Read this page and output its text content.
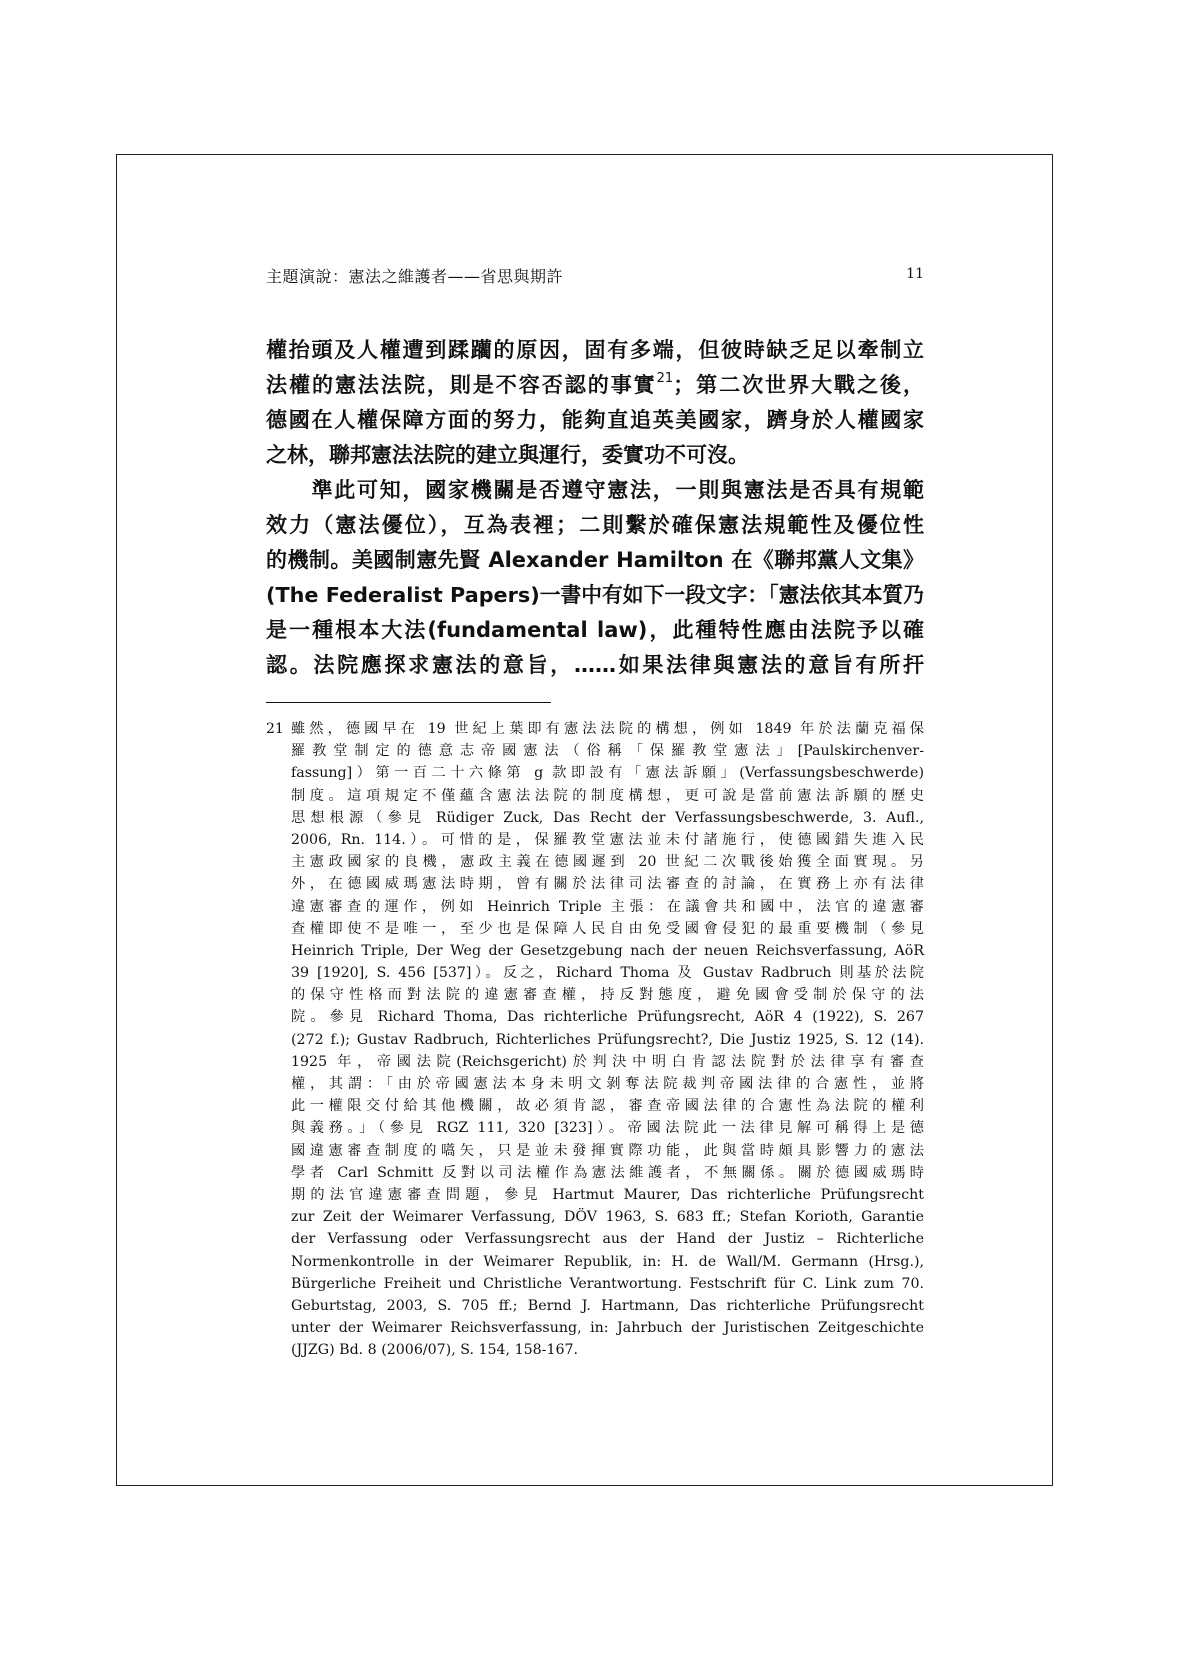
主題演說：憲法之維護者——省思與期許	11
權抬頭及人權遭到蹂躪的原因，固有多端，但彼時缺乏足以牽制立
法權的憲法法院，則是不容否認的事實$^{21}$；第二次世界大戰之後，
德國在人權保障方面的努力，能夠直追英美國家，躋身於人權國家
之林，聯邦憲法法院的建立與運行，委實功不可沒。
　　準此可知，國家機關是否遵守憲法，一則與憲法是否具有規範
效力（憲法優位），互為表裡；二則繫於確保憲法規範性及優位性
的機制。美國制憲先賢 Alexander Hamilton 在《聯邦黨人文集》
(The Federalist Papers)一書中有如下一段文字：「憲法依其本質乃
是一種根本大法(fundamental law)，此種特性應由法院予以確
認。法院應探求憲法的意旨，……如果法律與憲法的意旨有所扞
21 雖然，德國早在 19 世紀上葉即有憲法法院的構想，例如 1849 年於法蘭克福保
羅教堂制定的德意志帝國憲法（俗稱「保羅教堂憲法」[Paulskirchenver-
fassung]）第一百二十六條第 g 款即設有「憲法訴願」(Verfassungsbeschwerde)
制度。這項規定不僅蘊含憲法法院的制度構想，更可說是當前憲法訴願的歷史
思想根源（參見 Rüdiger Zuck, Das Recht der Verfassungsbeschwerde, 3. Aufl.,
2006, Rn. 114.）。可惜的是，保羅教堂憲法並未付諸施行，使德國錯失進入民
主憲政國家的良機，憲政主義在德國遲到 20 世紀二次戰後始獲全面實現。另
外，在德國威瑪憲法時期，曾有關於法律司法審查的討論，在實務上亦有法律
違憲審查的運作，例如 Heinrich Triple 主張：在議會共和國中，法官的違憲審
查權即使不是唯一，至少也是保障人民自由免受國會侵犯的最重要機制（參見
Heinrich Triple, Der Weg der Gesetzgebung nach der neuen Reichsverfassung, AöR
39 [1920], S. 456 [537]）。反之，Richard Thoma 及 Gustav Radbruch 則基於法院
的保守性格而對法院的違憲審查權，持反對態度，避免國會受制於保守的法
院。參見 Richard Thoma, Das richterliche Prüfungsrecht, AöR 4 (1922), S. 267
(272 f.); Gustav Radbruch, Richterliches Prüfungsrecht?, Die Justiz 1925, S. 12 (14).
1925 年，帝國法院(Reichsgericht)於判決中明白肯認法院對於法律享有審查
權，其謂：「由於帝國憲法本身未明文剝奪法院裁判帝國法律的合憲性，並將
此一權限交付給其他機關，故必須肯認，審查帝國法律的合憲性為法院的權利
與義務。」（參見 RGZ 111, 320 [323]）。帝國法院此一法律見解可稱得上是德
國違憲審查制度的嚆矢，只是並未發揮實際功能，此與當時頗具影響力的憲法
學者 Carl Schmitt 反對以司法權作為憲法維護者，不無關係。關於德國威瑪時
期的法官違憲審查問題，參見 Hartmut Maurer, Das richterliche Prüfungsrecht
zur Zeit der Weimarer Verfassung, DÖV 1963, S. 683 ff.; Stefan Korioth, Garantie
der Verfassung oder Verfassungsrecht aus der Hand der Justiz – Richterliche
Normenkontrolle in der Weimarer Republik, in: H. de Wall/M. Germann (Hrsg.),
Bürgerliche Freiheit und Christliche Verantwortung. Festschrift für C. Link zum 70.
Geburtstag, 2003, S. 705 ff.; Bernd J. Hartmann, Das richterliche Prüfungsrecht
unter der Weimarer Reichsverfassung, in: Jahrbuch der Juristischen Zeitgeschichte
(JJZG) Bd. 8 (2006/07), S. 154, 158-167.
